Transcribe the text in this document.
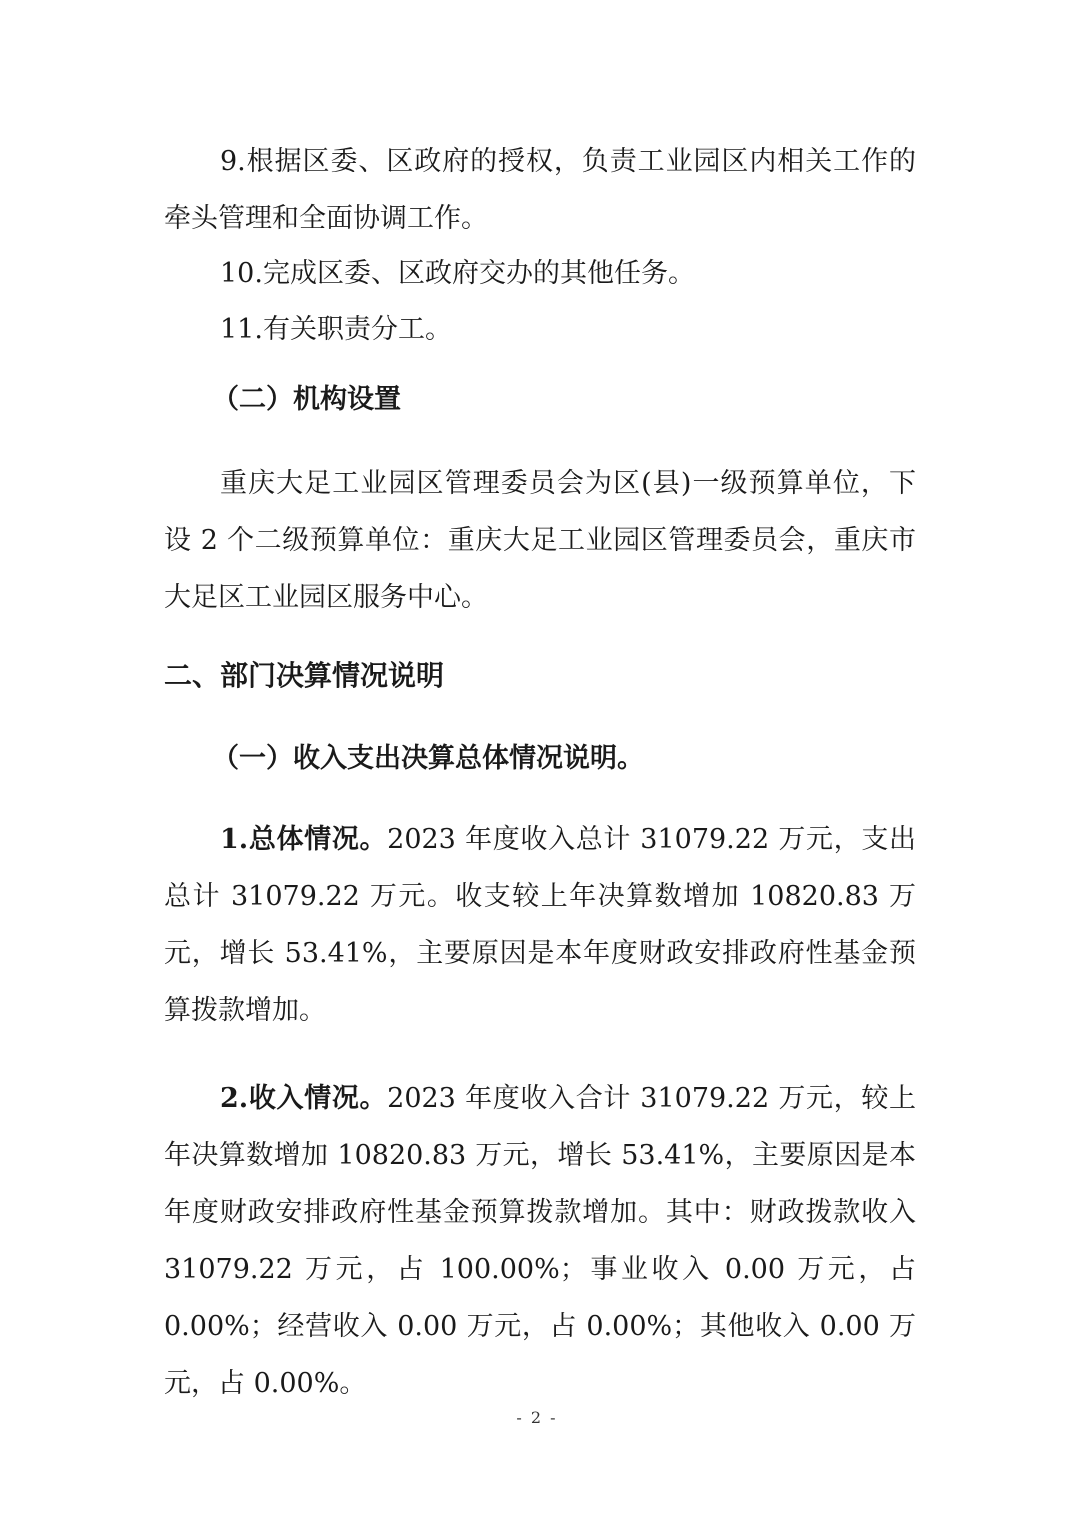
9.根据区委、区政府的授权，负责工业园区内相关工作的牵头管理和全面协调工作。

10.完成区委、区政府交办的其他任务。

11.有关职责分工。

（二）机构设置

重庆大足工业园区管理委员会为区(县)一级预算单位，下设 2 个二级预算单位：重庆大足工业园区管理委员会，重庆市大足区工业园区服务中心。

二、部门决算情况说明
（一）收入支出决算总体情况说明。

1.总体情况。2023 年度收入总计 31079.22 万元，支出总计 31079.22 万元。收支较上年决算数增加 10820.83 万元，增长 53.41%，主要原因是本年度财政安排政府性基金预算拨款增加。

2.收入情况。2023 年度收入合计 31079.22 万元，较上年决算数增加 10820.83 万元，增长 53.41%，主要原因是本年度财政安排政府性基金预算拨款增加。其中：财政拨款收入 31079.22 万元，占 100.00%；事业收入 0.00 万元，占 0.00%；经营收入 0.00 万元，占 0.00%；其他收入 0.00 万元，占 0.00%。

- 2 -
